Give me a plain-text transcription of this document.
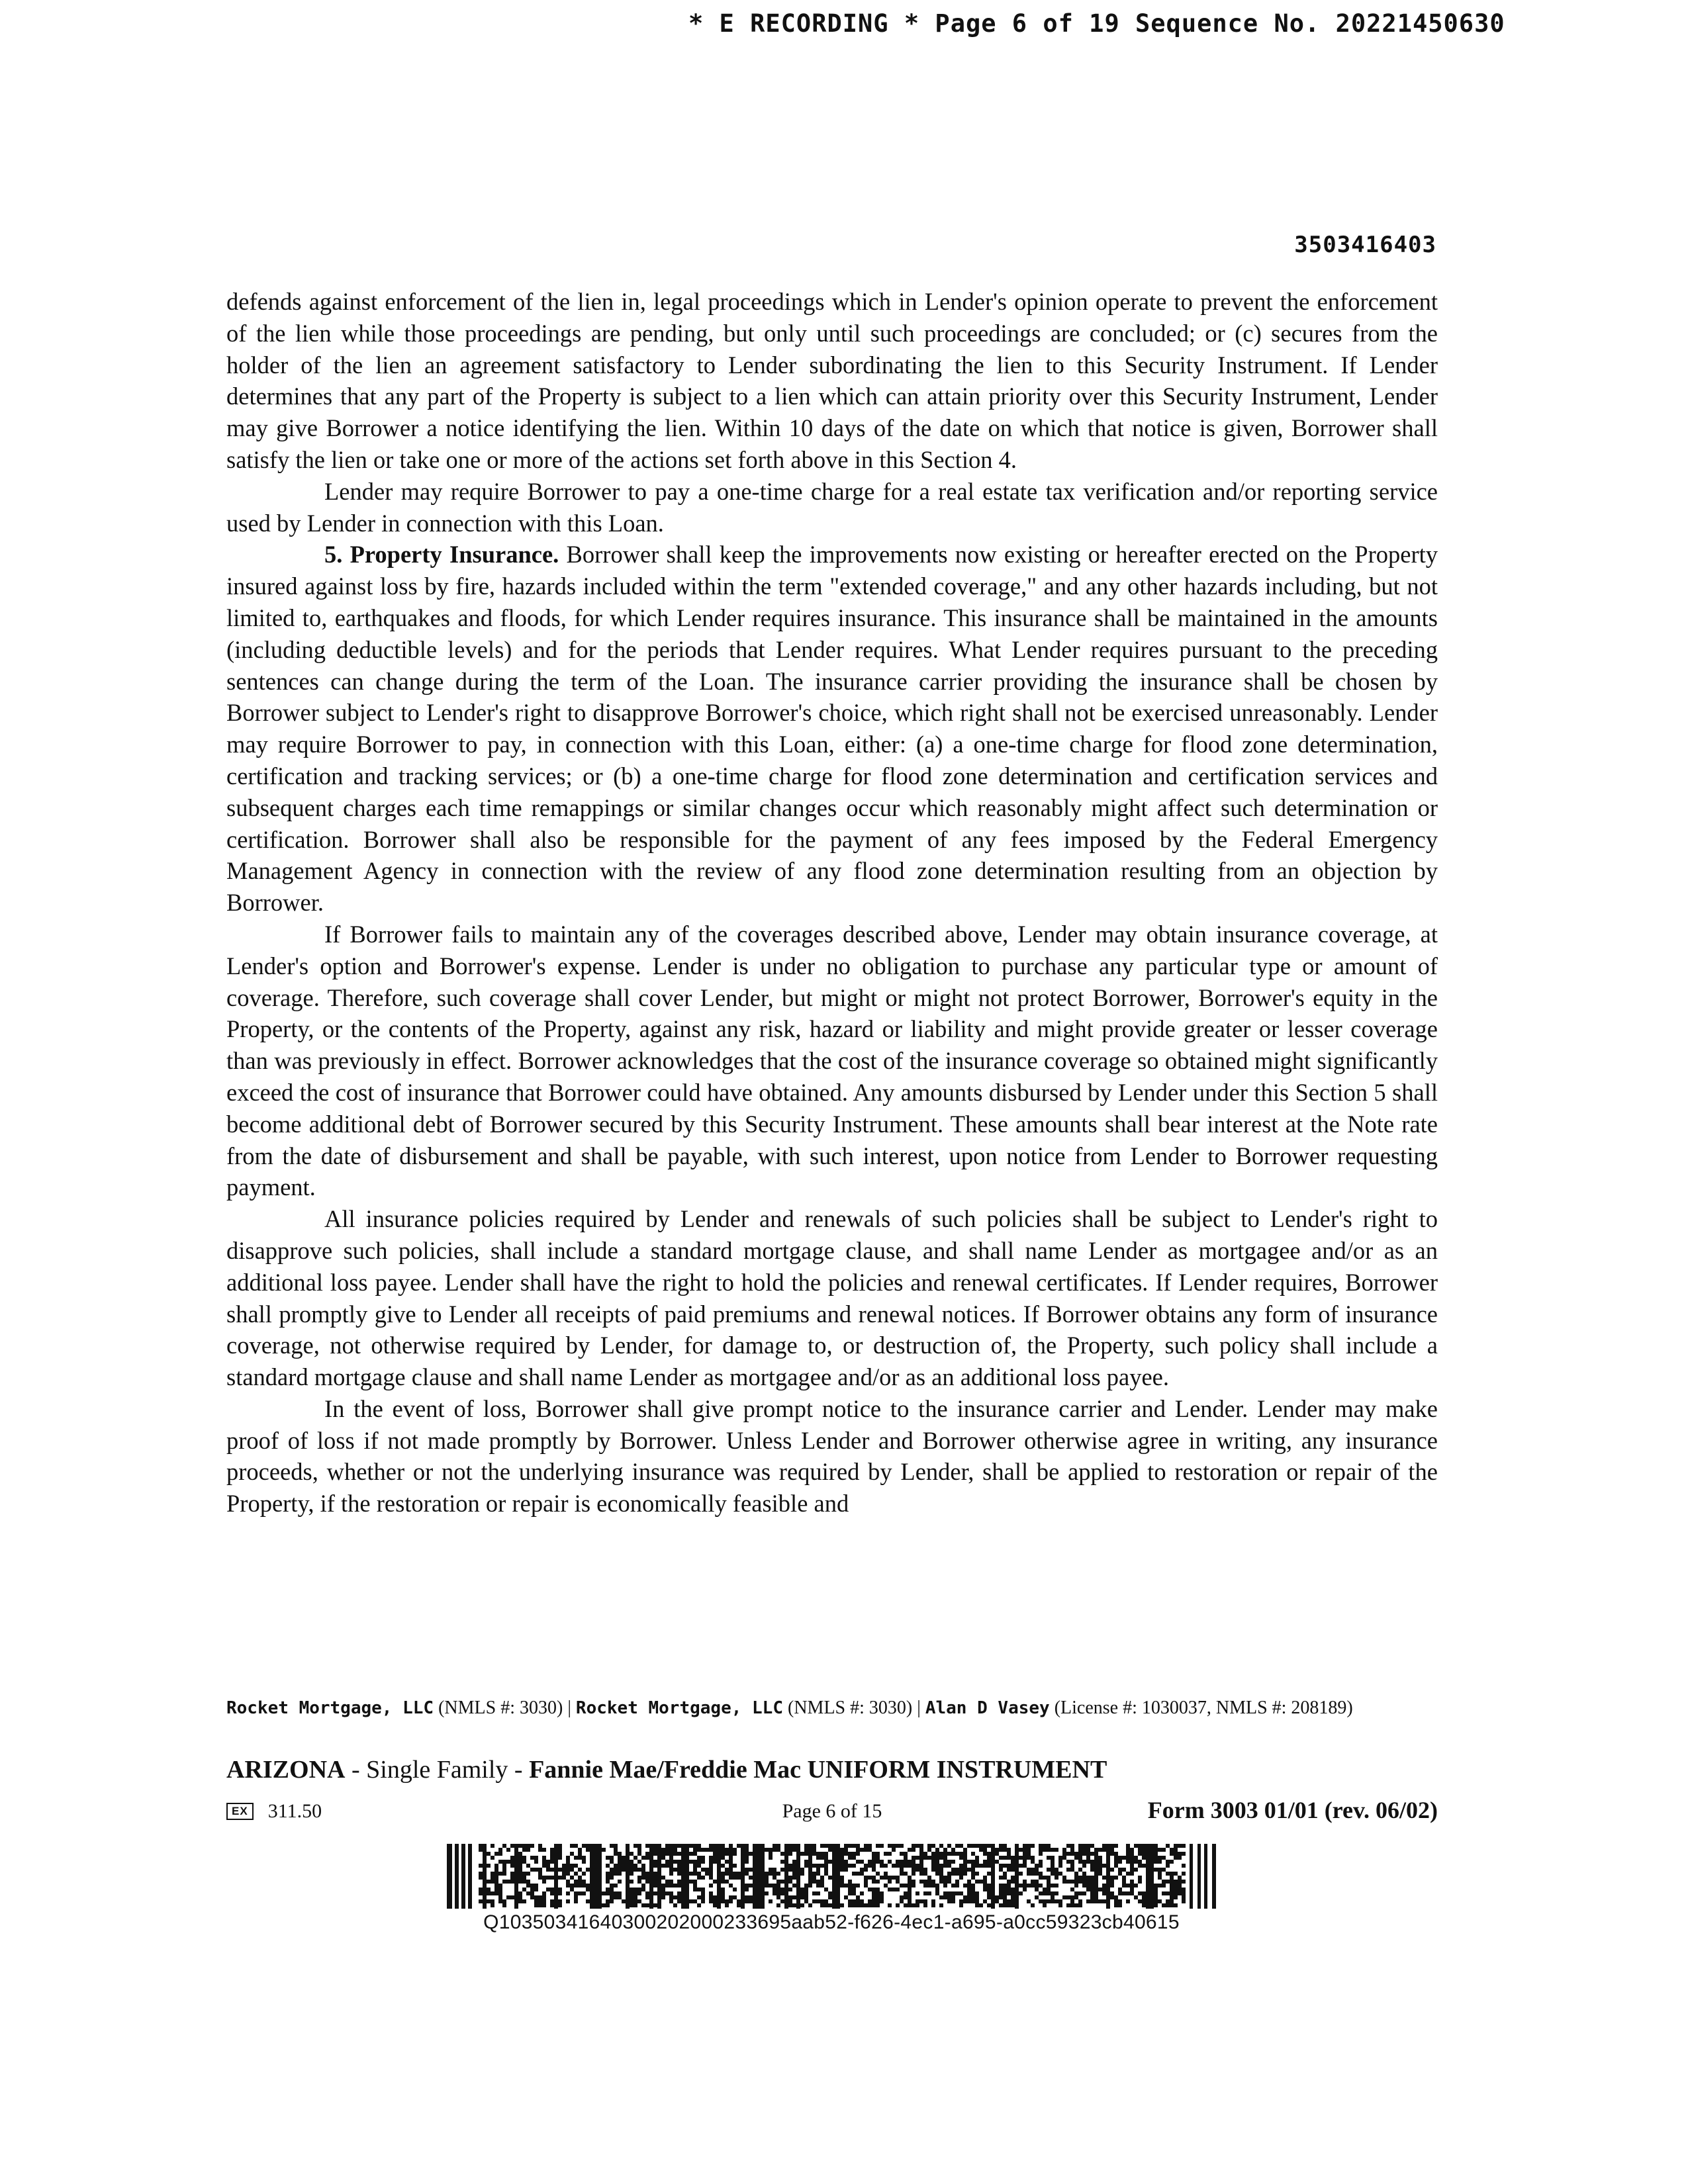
* E RECORDING * Page 6 of 19 Sequence No. 20221450630
3503416403

defends against enforcement of the lien in, legal proceedings which in Lender's opinion operate to prevent the enforcement of the lien while those proceedings are pending, but only until such proceedings are concluded; or (c) secures from the holder of the lien an agreement satisfactory to Lender subordinating the lien to this Security Instrument. If Lender determines that any part of the Property is subject to a lien which can attain priority over this Security Instrument, Lender may give Borrower a notice identifying the lien. Within 10 days of the date on which that notice is given, Borrower shall satisfy the lien or take one or more of the actions set forth above in this Section 4.

Lender may require Borrower to pay a one-time charge for a real estate tax verification and/or reporting service used by Lender in connection with this Loan.

5. Property Insurance. Borrower shall keep the improvements now existing or hereafter erected on the Property insured against loss by fire, hazards included within the term "extended coverage," and any other hazards including, but not limited to, earthquakes and floods, for which Lender requires insurance. This insurance shall be maintained in the amounts (including deductible levels) and for the periods that Lender requires. What Lender requires pursuant to the preceding sentences can change during the term of the Loan. The insurance carrier providing the insurance shall be chosen by Borrower subject to Lender's right to disapprove Borrower's choice, which right shall not be exercised unreasonably. Lender may require Borrower to pay, in connection with this Loan, either: (a) a one-time charge for flood zone determination, certification and tracking services; or (b) a one-time charge for flood zone determination and certification services and subsequent charges each time remappings or similar changes occur which reasonably might affect such determination or certification. Borrower shall also be responsible for the payment of any fees imposed by the Federal Emergency Management Agency in connection with the review of any flood zone determination resulting from an objection by Borrower.

If Borrower fails to maintain any of the coverages described above, Lender may obtain insurance coverage, at Lender's option and Borrower's expense. Lender is under no obligation to purchase any particular type or amount of coverage. Therefore, such coverage shall cover Lender, but might or might not protect Borrower, Borrower's equity in the Property, or the contents of the Property, against any risk, hazard or liability and might provide greater or lesser coverage than was previously in effect. Borrower acknowledges that the cost of the insurance coverage so obtained might significantly exceed the cost of insurance that Borrower could have obtained. Any amounts disbursed by Lender under this Section 5 shall become additional debt of Borrower secured by this Security Instrument. These amounts shall bear interest at the Note rate from the date of disbursement and shall be payable, with such interest, upon notice from Lender to Borrower requesting payment.

All insurance policies required by Lender and renewals of such policies shall be subject to Lender's right to disapprove such policies, shall include a standard mortgage clause, and shall name Lender as mortgagee and/or as an additional loss payee. Lender shall have the right to hold the policies and renewal certificates. If Lender requires, Borrower shall promptly give to Lender all receipts of paid premiums and renewal notices. If Borrower obtains any form of insurance coverage, not otherwise required by Lender, for damage to, or destruction of, the Property, such policy shall include a standard mortgage clause and shall name Lender as mortgagee and/or as an additional loss payee.

In the event of loss, Borrower shall give prompt notice to the insurance carrier and Lender. Lender may make proof of loss if not made promptly by Borrower. Unless Lender and Borrower otherwise agree in writing, any insurance proceeds, whether or not the underlying insurance was required by Lender, shall be applied to restoration or repair of the Property, if the restoration or repair is economically feasible and

Rocket Mortgage, LLC (NMLS #: 3030) | Rocket Mortgage, LLC (NMLS #: 3030) | Alan D Vasey (License #: 1030037, NMLS #: 208189)
ARIZONA - Single Family - Fannie Mae/Freddie Mac UNIFORM INSTRUMENT
EX 311.50	Page 6 of 15	Form 3003 01/01 (rev. 06/02)
Q10350341640300202000233695aab52-f626-4ec1-a695-a0cc59323cb40615
